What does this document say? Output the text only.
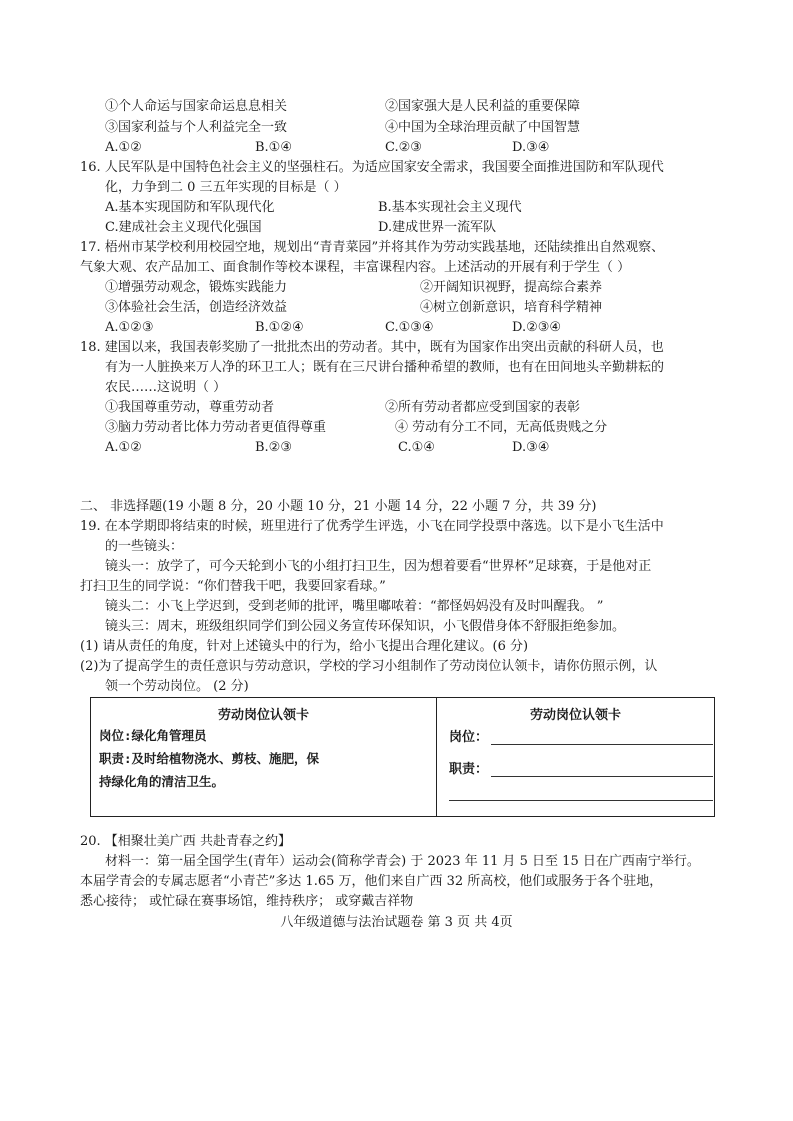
①个人命运与国家命运息息相关	②国家强大是人民利益的重要保障
③国家利益与个人利益完全一致	④中国为全球治理贡献了中国智慧
A.①②	B.①④	C.②③	D.③④
16. 人民军队是中国特色社会主义的坚强柱石。为适应国家安全需求，我国要全面推进国防和军队现代
化，力争到二 0 三五年实现的目标是（ ）
A.基本实现国防和军队现代化	B.基本实现社会主义现代
C.建成社会主义现代化强国	D.建成世界一流军队
17. 梧州市某学校利用校园空地，规划出“青青菜园”并将其作为劳动实践基地，还陆续推出自然观察、
气象大观、农产品加工、面食制作等校本课程，丰富课程内容。上述活动的开展有利于学生（ ）
①增强劳动观念，锻炼实践能力	②开阔知识视野，提高综合素养
③体验社会生活，创造经济效益	④树立创新意识，培育科学精神
A.①②③	B.①②④	C.①③④	D.②③④
18. 建国以来，我国表彰奖励了一批批杰出的劳动者。其中，既有为国家作出突出贡献的科研人员，也
有为一人脏换来万人净的环卫工人；既有在三尺讲台播种希望的教师，也有在田间地头辛勤耕耘的
农民……这说明（ ）
①我国尊重劳动，尊重劳动者	②所有劳动者都应受到国家的表彰
③脑力劳动者比体力劳动者更值得尊重	④ 劳动有分工不同，无高低贵贱之分
A.①②	B.②③	C.①④	D.③④
二、 非选择题(19 小题 8 分，20 小题 10 分，21 小题 14 分，22 小题 7 分，共 39 分)
19. 在本学期即将结束的时候，班里进行了优秀学生评选，小飞在同学投票中落选。以下是小飞生活中
的一些镜头：
镜头一：放学了，可今天轮到小飞的小组打扫卫生，因为想着要看“世界杯”足球赛，于是他对正
打扫卫生的同学说：“你们替我干吧，我要回家看球。”
镜头二：小飞上学迟到，受到老师的批评，嘴里嘟哝着：“都怪妈妈没有及时叫醒我。 ”
镜头三：周末，班级组织同学们到公园义务宣传环保知识，小飞假借身体不舒服拒绝参加。
(1) 请从责任的角度，针对上述镜头中的行为，给小飞提出合理化建议。(6 分)
(2)为了提高学生的责任意识与劳动意识，学校的学习小组制作了劳动岗位认领卡，请你仿照示例，认
领一个劳动岗位。 (2 分)
劳动岗位认领卡
岗位:绿化角管理员
职责:及时给植物浇水、剪枝、施肥，保
持绿化角的清洁卫生。
劳动岗位认领卡
岗位：
职责：
20. 【相聚壮美广西 共赴青春之约】
材料一：第一届全国学生(青年）运动会(简称学青会) 于 2023 年 11 月 5 日至 15 日在广西南宁举行。
本届学青会的专属志愿者“小青芒”多达 1.65 万，他们来自广西 32 所高校，他们或服务于各个驻地，
悉心接待； 或忙碌在赛事场馆，维持秩序； 或穿戴吉祥物
八年级道德与法治试题卷 第 3 页 共 4页
